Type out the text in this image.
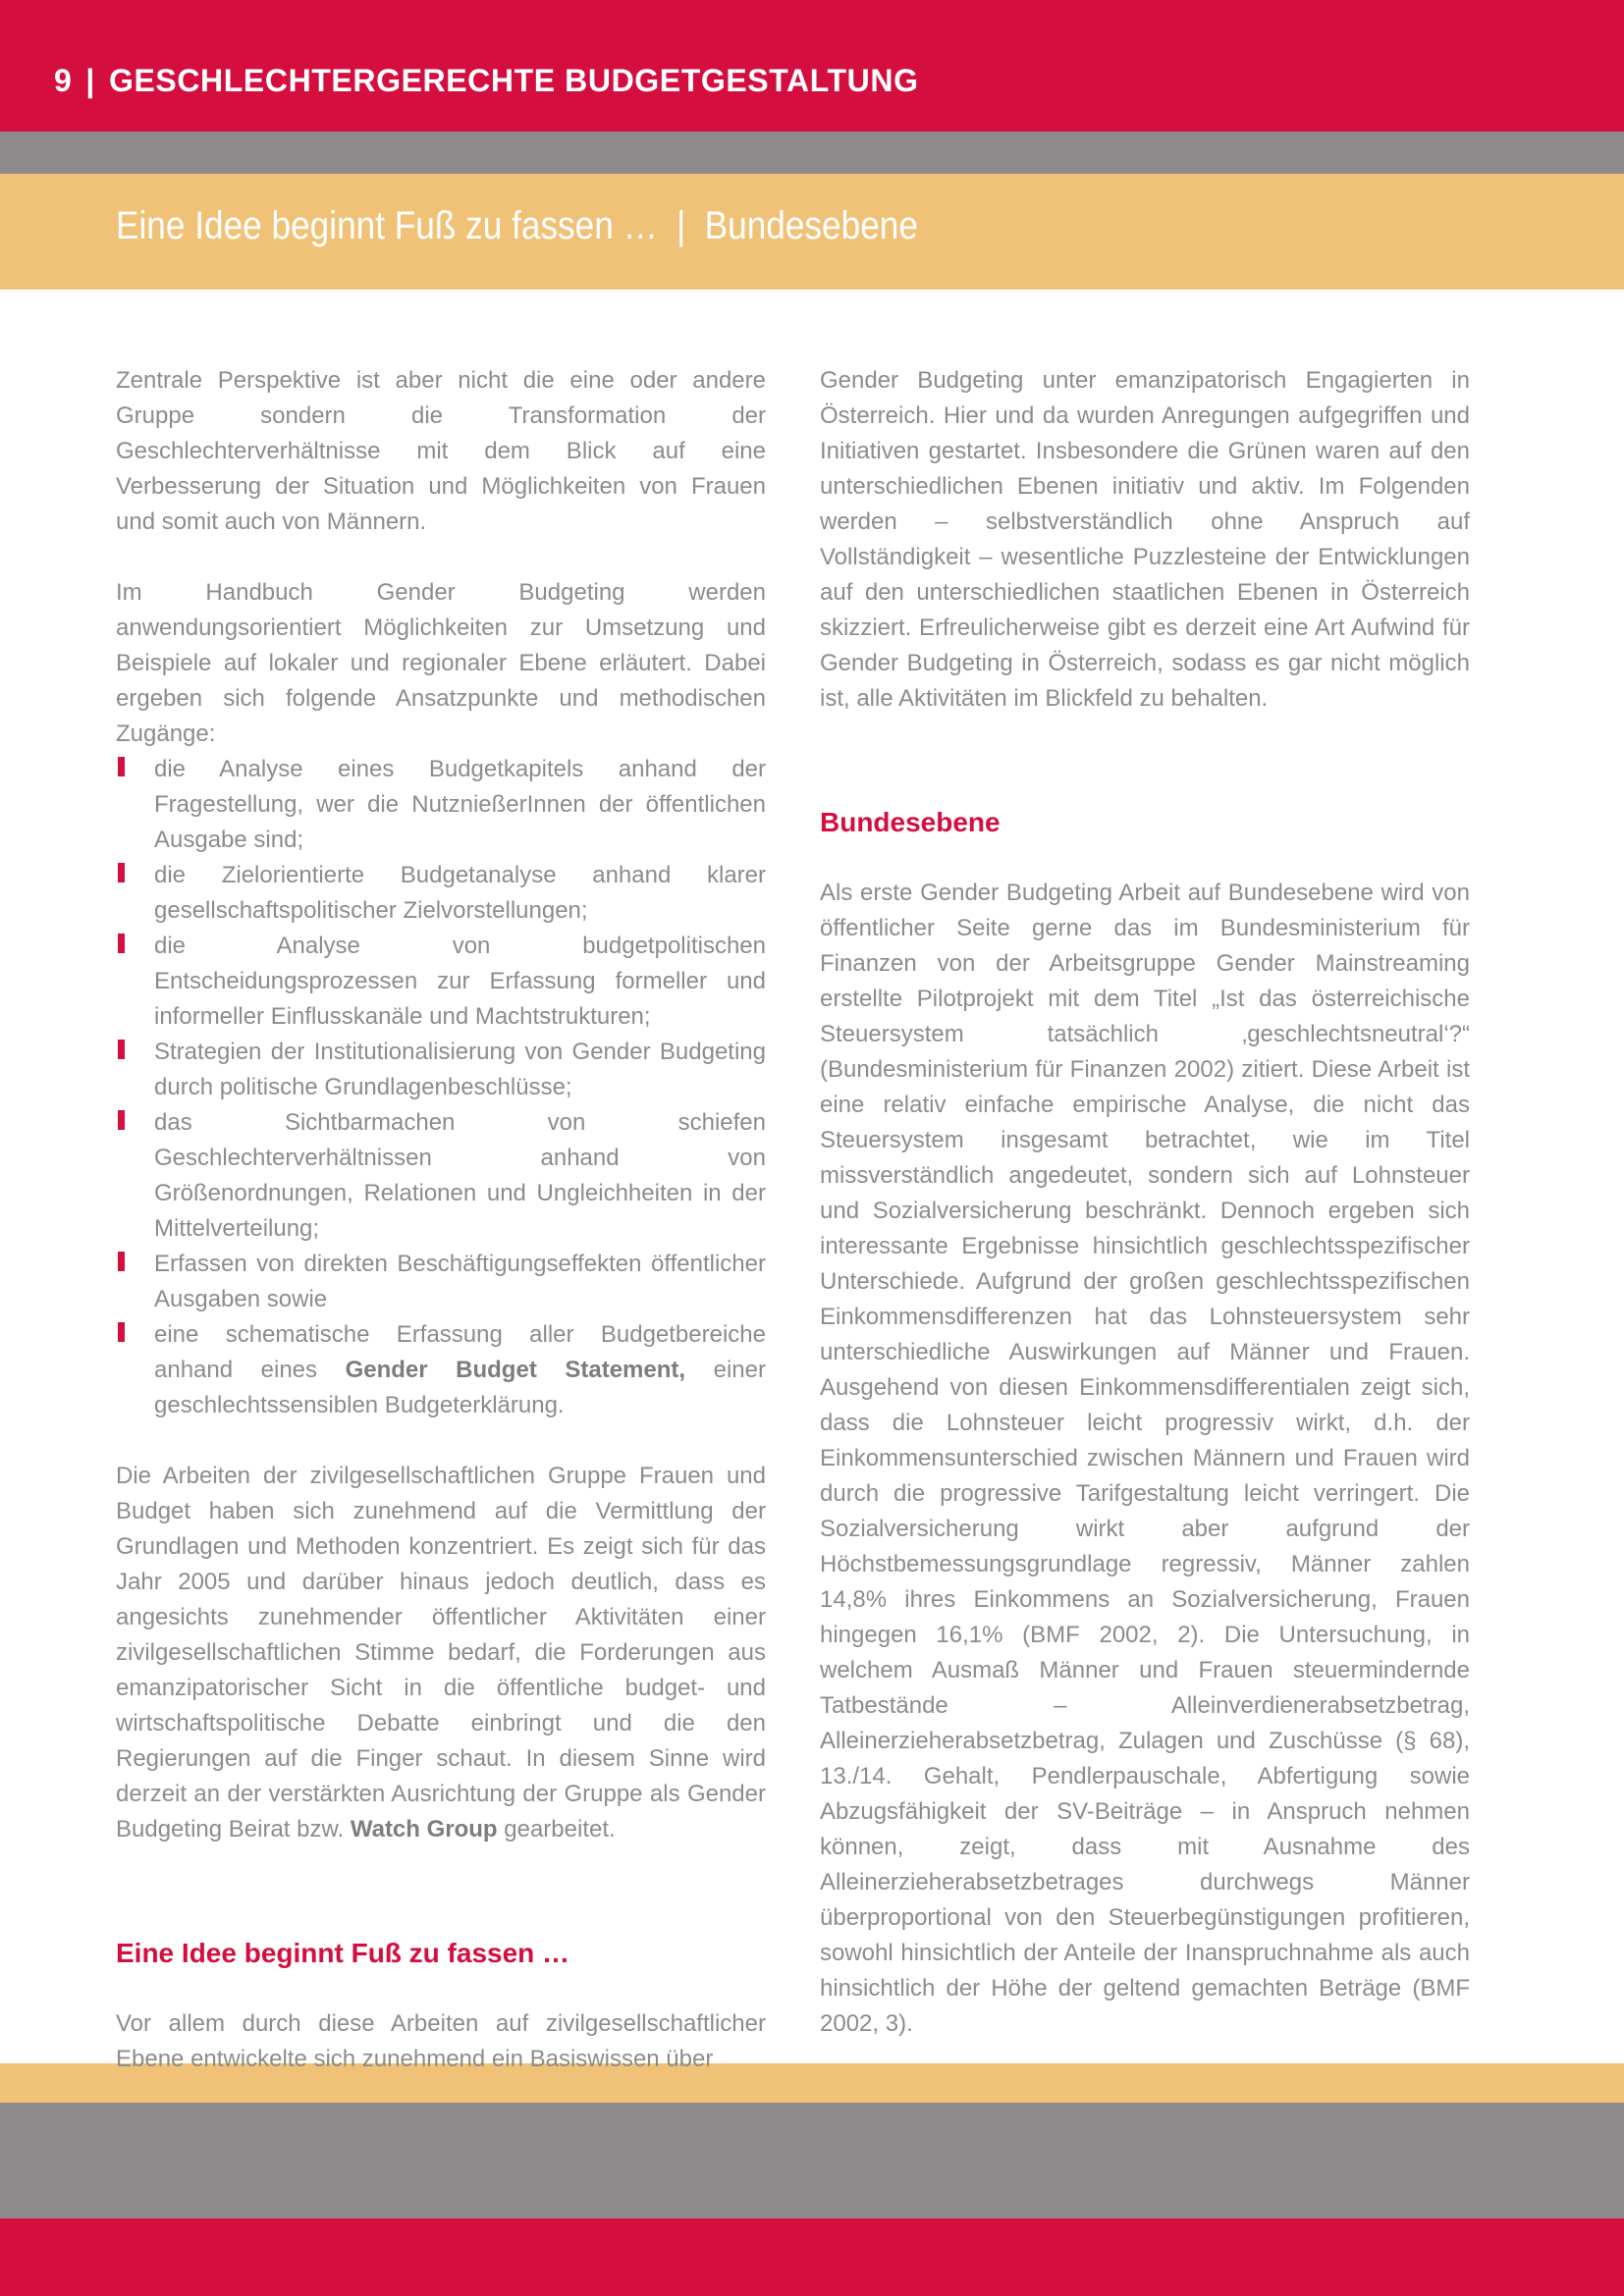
9 | GESCHLECHTERGERECHTE BUDGETGESTALTUNG
Eine Idee beginnt Fuß zu fassen … | Bundesebene

Zentrale Perspektive ist aber nicht die eine oder andere Gruppe sondern die Transformation der Geschlechterverhältnisse mit dem Blick auf eine Verbesserung der Situation und Möglichkeiten von Frauen und somit auch von Männern.

Im Handbuch Gender Budgeting werden anwendungsorientiert Möglichkeiten zur Umsetzung und Beispiele auf lokaler und regionaler Ebene erläutert. Dabei ergeben sich folgende Ansatzpunkte und methodischen Zugänge:

die Analyse eines Budgetkapitels anhand der Fragestellung, wer die NutznießerInnen der öffentlichen Ausgabe sind;
die Zielorientierte Budgetanalyse anhand klarer gesellschaftspolitischer Zielvorstellungen;
die Analyse von budgetpolitischen Entscheidungsprozessen zur Erfassung formeller und informeller Einflusskanäle und Machtstrukturen;
Strategien der Institutionalisierung von Gender Budgeting durch politische Grundlagenbeschlüsse;
das Sichtbarmachen von schiefen Geschlechterverhältnissen anhand von Größenordnungen, Relationen und Ungleichheiten in der Mittelverteilung;
Erfassen von direkten Beschäftigungseffekten öffentlicher Ausgaben sowie
eine schematische Erfassung aller Budgetbereiche anhand eines Gender Budget Statement, einer geschlechtssensiblen Budgeterklärung.

Die Arbeiten der zivilgesellschaftlichen Gruppe Frauen und Budget haben sich zunehmend auf die Vermittlung der Grundlagen und Methoden konzentriert. Es zeigt sich für das Jahr 2005 und darüber hinaus jedoch deutlich, dass es angesichts zunehmender öffentlicher Aktivitäten einer zivilgesellschaftlichen Stimme bedarf, die Forderungen aus emanzipatorischer Sicht in die öffentliche budget- und wirtschaftspolitische Debatte einbringt und die den Regierungen auf die Finger schaut. In diesem Sinne wird derzeit an der verstärkten Ausrichtung der Gruppe als Gender Budgeting Beirat bzw. Watch Group gearbeitet.

Eine Idee beginnt Fuß zu fassen …

Vor allem durch diese Arbeiten auf zivilgesellschaftlicher Ebene entwickelte sich zunehmend ein Basiswissen über

Gender Budgeting unter emanzipatorisch Engagierten in Österreich. Hier und da wurden Anregungen aufgegriffen und Initiativen gestartet. Insbesondere die Grünen waren auf den unterschiedlichen Ebenen initiativ und aktiv. Im Folgenden werden – selbstverständlich ohne Anspruch auf Vollständigkeit – wesentliche Puzzlesteine der Entwicklungen auf den unterschiedlichen staatlichen Ebenen in Österreich skizziert. Erfreulicherweise gibt es derzeit eine Art Aufwind für Gender Budgeting in Österreich, sodass es gar nicht möglich ist, alle Aktivitäten im Blickfeld zu behalten.

Bundesebene

Als erste Gender Budgeting Arbeit auf Bundesebene wird von öffentlicher Seite gerne das im Bundesministerium für Finanzen von der Arbeitsgruppe Gender Mainstreaming erstellte Pilotprojekt mit dem Titel „Ist das österreichische Steuersystem tatsächlich ‚geschlechtsneutral‘?“ (Bundesministerium für Finanzen 2002) zitiert. Diese Arbeit ist eine relativ einfache empirische Analyse, die nicht das Steuersystem insgesamt betrachtet, wie im Titel missverständlich angedeutet, sondern sich auf Lohnsteuer und Sozialversicherung beschränkt. Dennoch ergeben sich interessante Ergebnisse hinsichtlich geschlechtsspezifischer Unterschiede. Aufgrund der großen geschlechtsspezifischen Einkommensdifferenzen hat das Lohnsteuersystem sehr unterschiedliche Auswirkungen auf Männer und Frauen. Ausgehend von diesen Einkommensdifferentialen zeigt sich, dass die Lohnsteuer leicht progressiv wirkt, d.h. der Einkommensunterschied zwischen Männern und Frauen wird durch die progressive Tarifgestaltung leicht verringert. Die Sozialversicherung wirkt aber aufgrund der Höchstbemessungsgrundlage regressiv, Männer zahlen 14,8% ihres Einkommens an Sozialversicherung, Frauen hingegen 16,1% (BMF 2002, 2). Die Untersuchung, in welchem Ausmaß Männer und Frauen steuermindernde Tatbestände – Alleinverdienerabsetzbetrag, Alleinerzieherabsetzbetrag, Zulagen und Zuschüsse (§ 68), 13./14. Gehalt, Pendlerpauschale, Abfertigung sowie Abzugsfähigkeit der SV-Beiträge – in Anspruch nehmen können, zeigt, dass mit Ausnahme des Alleinerzieherabsetzbetrages durchwegs Männer überproportional von den Steuerbegünstigungen profitieren, sowohl hinsichtlich der Anteile der Inanspruchnahme als auch hinsichtlich der Höhe der geltend gemachten Beträge (BMF 2002, 3).
